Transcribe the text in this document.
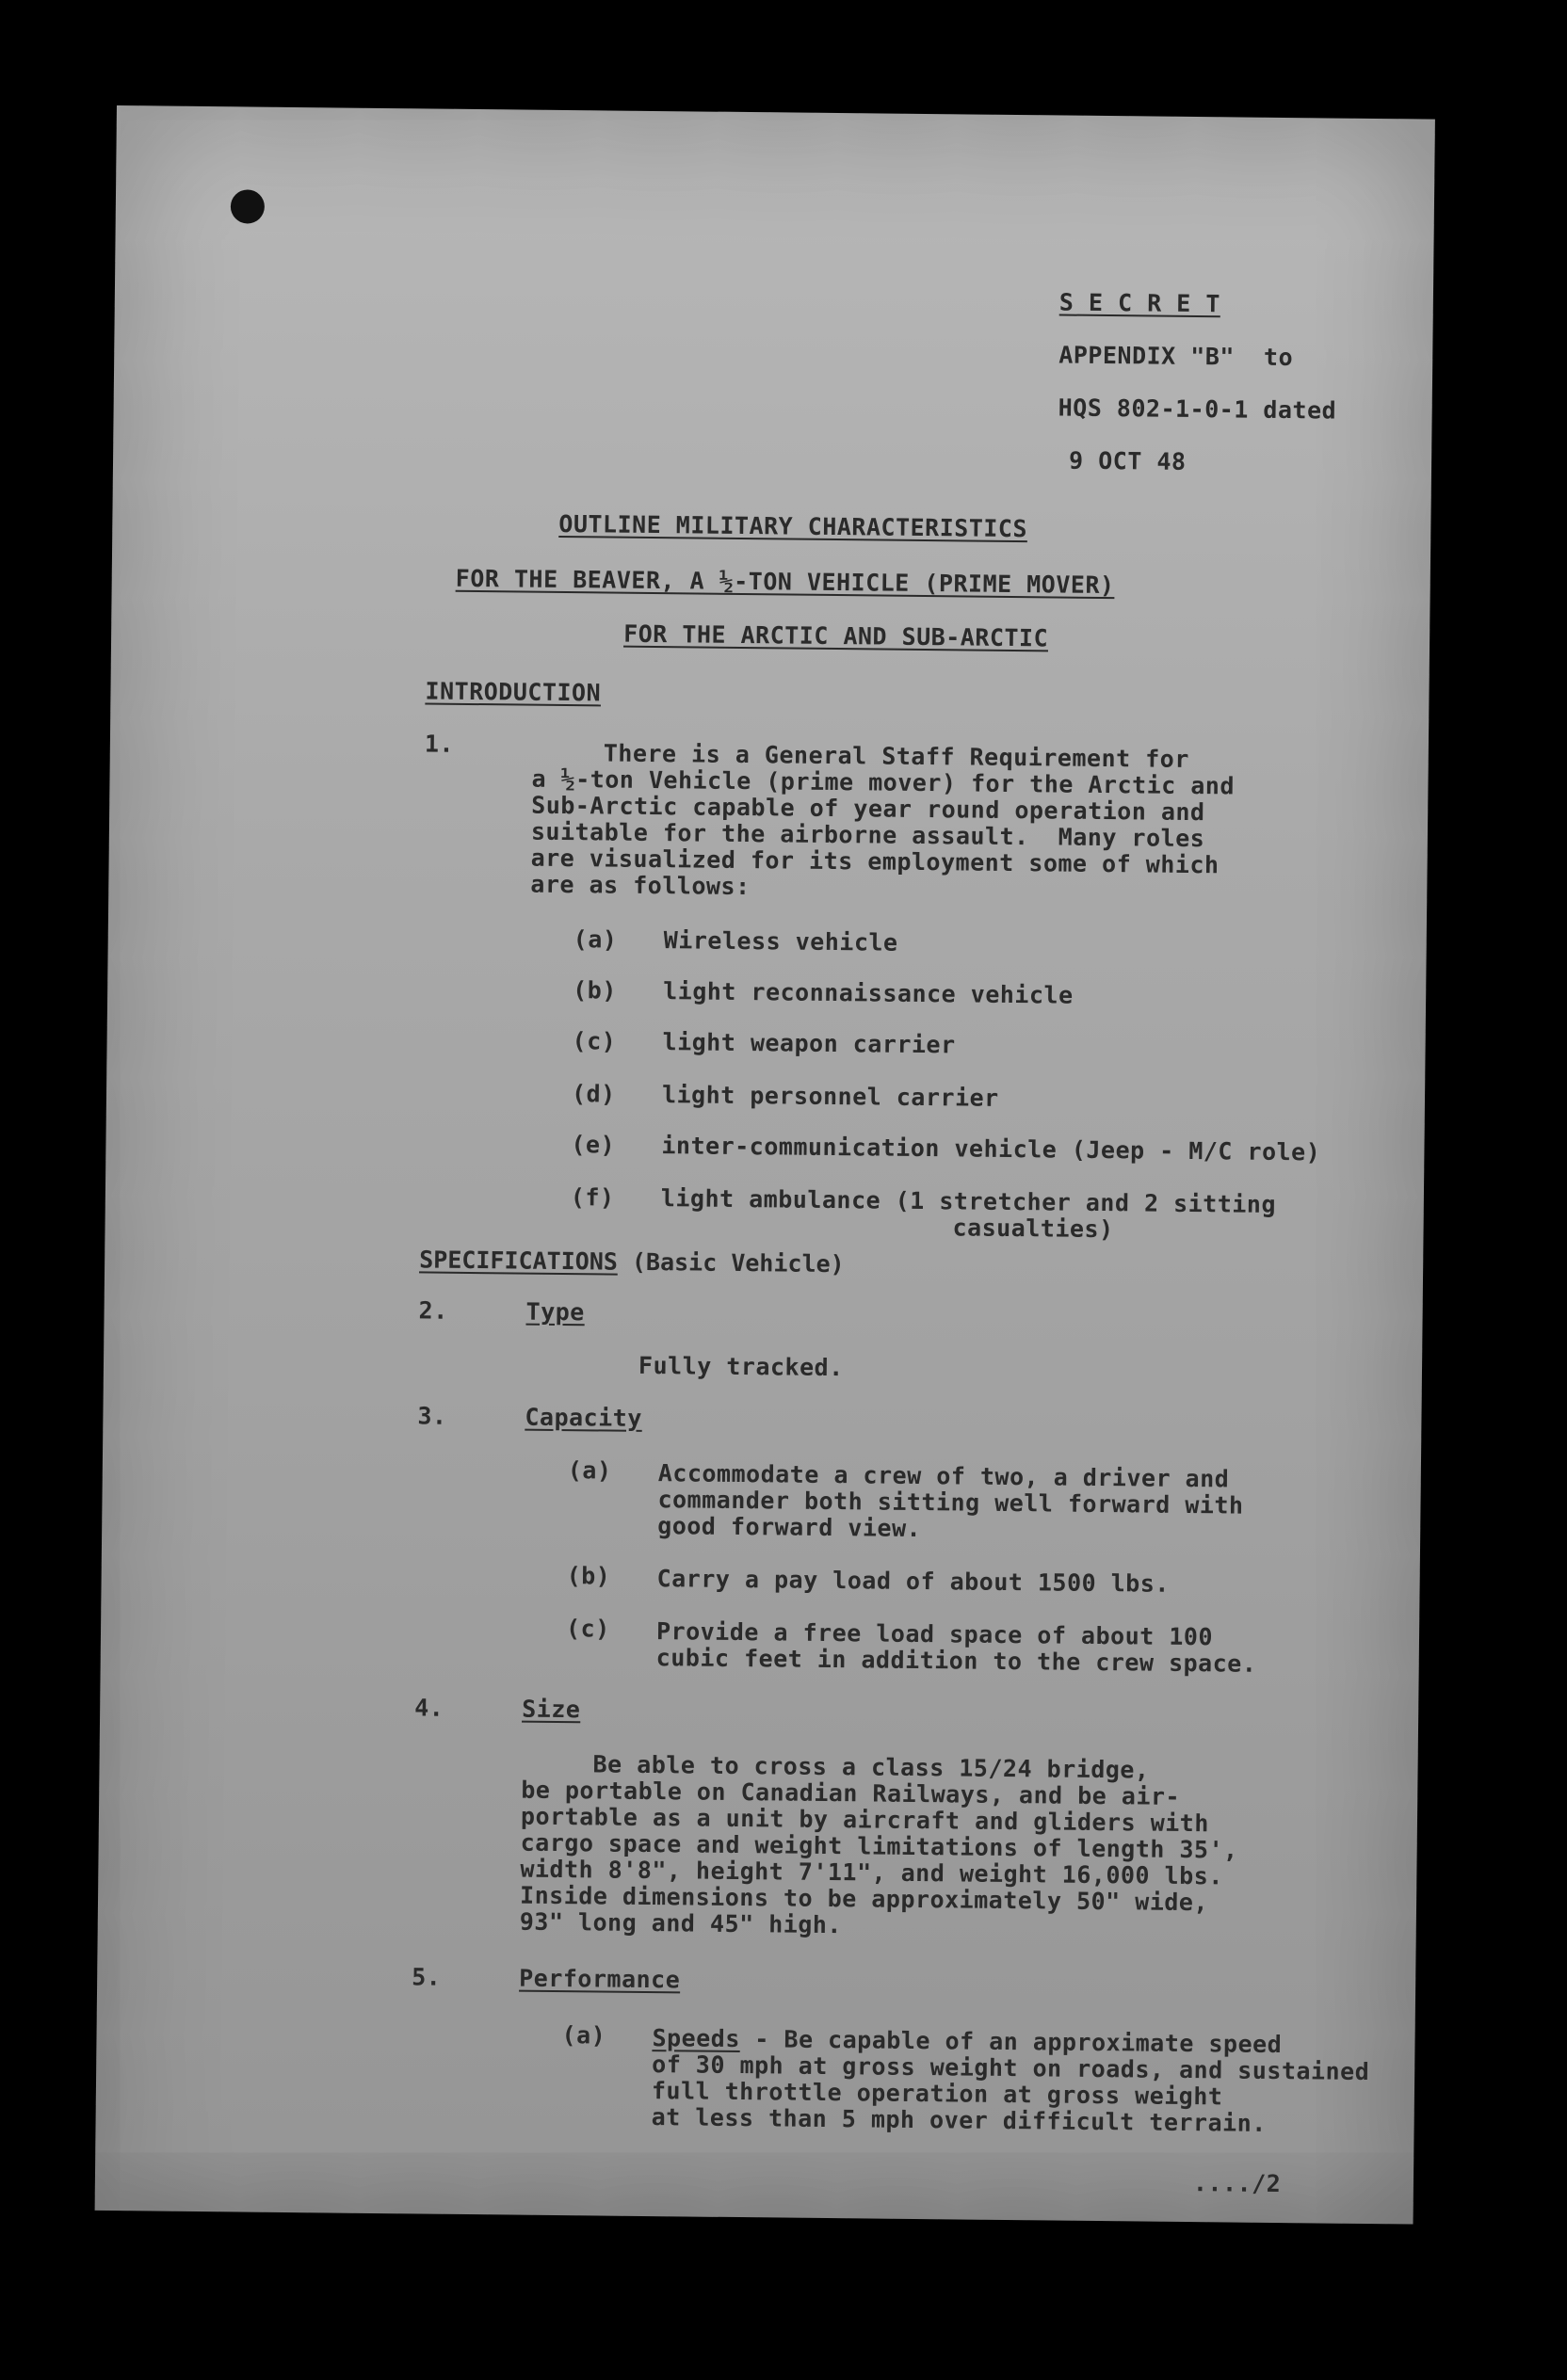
S E C R E T
APPENDIX "B"  to
HQS 802-1-0-1 dated
9 OCT 48
OUTLINE MILITARY CHARACTERISTICS
FOR THE BEAVER, A ½-TON VEHICLE (PRIME MOVER)
FOR THE ARCTIC AND SUB-ARCTIC
INTRODUCTION
1.	There is a General Staff Requirement for
a ½-ton Vehicle (prime mover) for the Arctic and
Sub-Arctic capable of year round operation and
suitable for the airborne assault.  Many roles
are visualized for its employment some of which
are as follows:
(a) Wireless vehicle
(b) light reconnaissance vehicle
(c) light weapon carrier
(d) light personnel carrier
(e) inter-communication vehicle (Jeep - M/C role)
(f) light ambulance (1 stretcher and 2 sitting
casualties)
SPECIFICATIONS (Basic Vehicle)
2.	Type
Fully tracked.
3.	Capacity
(a) Accommodate a crew of two, a driver and
commander both sitting well forward with
good forward view.
(b) Carry a pay load of about 1500 lbs.
(c) Provide a free load space of about 100
cubic feet in addition to the crew space.
4.	Size
Be able to cross a class 15/24 bridge,
be portable on Canadian Railways, and be air-
portable as a unit by aircraft and gliders with
cargo space and weight limitations of length 35',
width 8'8", height 7'11", and weight 16,000 lbs.
Inside dimensions to be approximately 50" wide,
93" long and 45" high.
5.	Performance
(a) Speeds - Be capable of an approximate speed
of 30 mph at gross weight on roads, and sustained
full throttle operation at gross weight
at less than 5 mph over difficult terrain.
..../2
